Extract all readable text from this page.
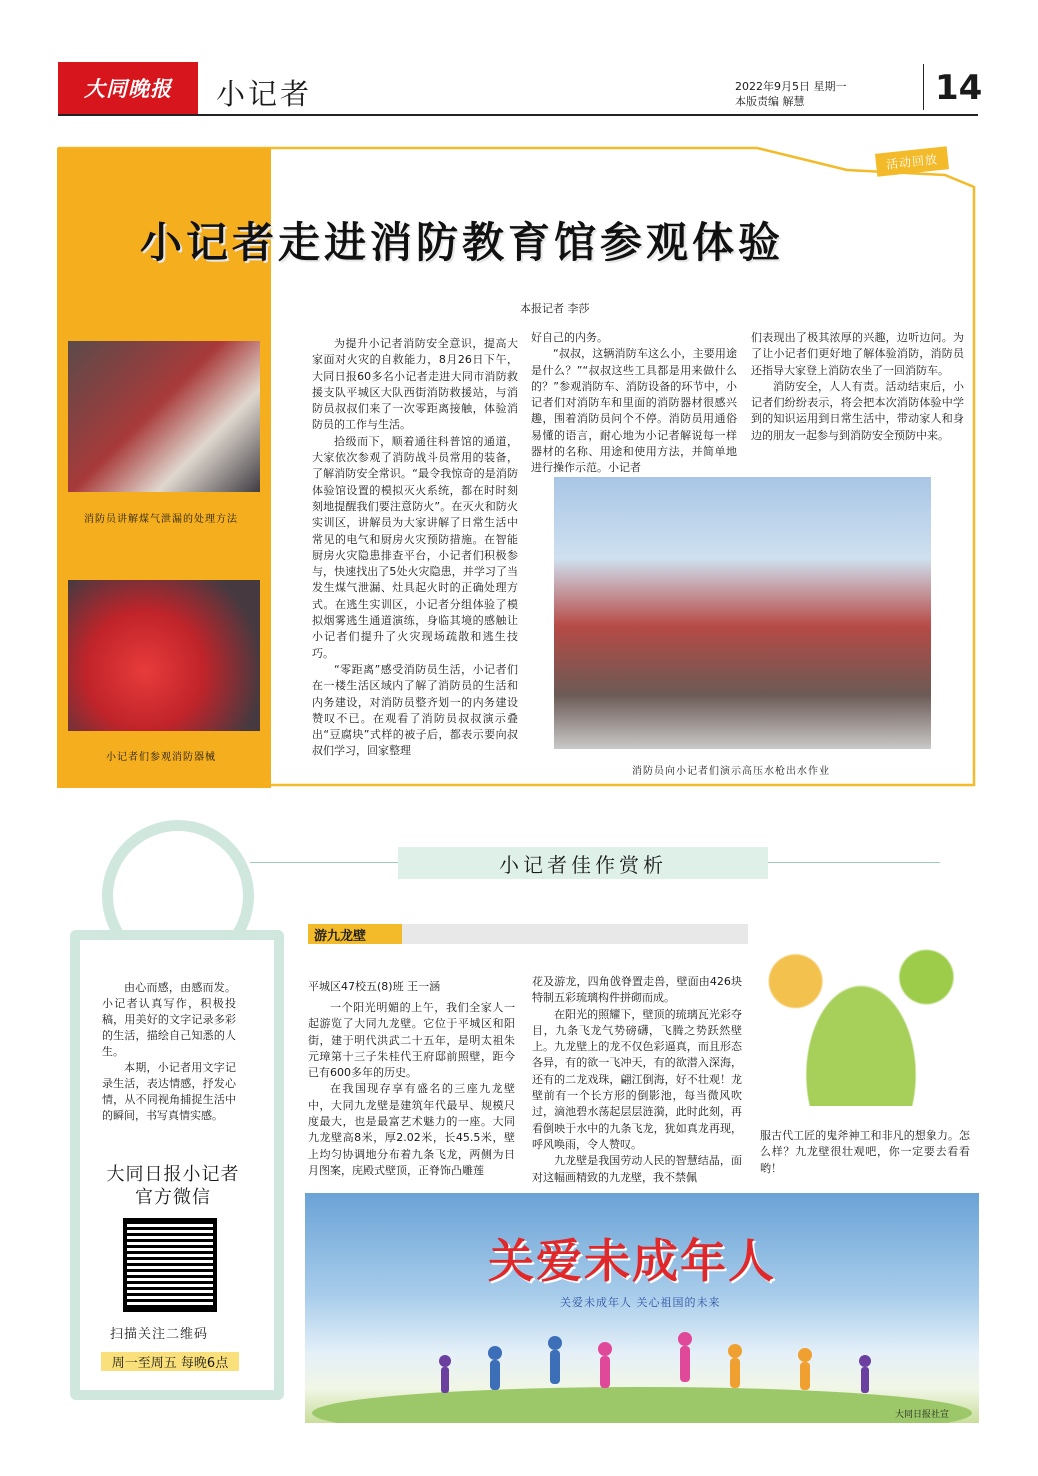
大同晚报	小记者	2022年9月5日 星期一
本版责编 解慧	14
活动回放
小记者走进消防教育馆参观体验
本报记者 李莎
消防员讲解煤气泄漏的处理方法
小记者们参观消防器械

为提升小记者消防安全意识，提高大家面对火灾的自救能力，8月26日下午，大同日报60多名小记者走进大同市消防救援支队平城区大队西街消防救援站，与消防员叔叔们来了一次零距离接触，体验消防员的工作与生活。

拾级而下，顺着通往科普馆的通道，大家依次参观了消防战斗员常用的装备，了解消防安全常识。“最令我惊奇的是消防体验馆设置的模拟灭火系统，都在时时刻刻地提醒我们要注意防火”。在灭火和防火实训区，讲解员为大家讲解了日常生活中常见的电气和厨房火灾预防措施。在智能厨房火灾隐患排查平台，小记者们积极参与，快速找出了5处火灾隐患，并学习了当发生煤气泄漏、灶具起火时的正确处理方式。在逃生实训区，小记者分组体验了模拟烟雾逃生通道演练，身临其境的感触让小记者们提升了火灾现场疏散和逃生技巧。

“零距离”感受消防员生活，小记者们在一楼生活区域内了解了消防员的生活和内务建设，对消防员整齐划一的内务建设赞叹不已。在观看了消防员叔叔演示叠出“豆腐块”式样的被子后，都表示要向叔叔们学习，回家整理

好自己的内务。

“叔叔，这辆消防车这么小，主要用途是什么？”“叔叔这些工具都是用来做什么的？”参观消防车、消防设备的环节中，小记者们对消防车和里面的消防器材很感兴趣，围着消防员问个不停。消防员用通俗易懂的语言，耐心地为小记者解说每一样器材的名称、用途和使用方法，并简单地进行操作示范。小记者

们表现出了极其浓厚的兴趣，边听边问。为了让小记者们更好地了解体验消防，消防员还指导大家登上消防农坐了一回消防车。

消防安全，人人有责。活动结束后，小记者们纷纷表示，将会把本次消防体验中学到的知识运用到日常生活中，带动家人和身边的朋友一起参与到消防安全预防中来。

消防员向小记者们演示高压水枪出水作业
小记者佳作赏析

由心而感，由感而发。小记者认真写作，积极投稿，用美好的文字记录多彩的生活，描绘自己知悉的人生。

本期，小记者用文字记录生活，表达情感，抒发心情，从不同视角捕捉生活中的瞬间，书写真情实感。

大同日报小记者
官方微信
扫描关注二维码
周一至周五 每晚6点
游九龙壁
平城区47校五(8)班 王一涵

一个阳光明媚的上午，我们全家人一起游览了大同九龙壁。它位于平城区和阳街，建于明代洪武二十五年，是明太祖朱元璋第十三子朱桂代王府邸前照壁，距今已有600多年的历史。

在我国现存享有盛名的三座九龙壁中，大同九龙壁是建筑年代最早、规模尺度最大，也是最富艺术魅力的一座。大同九龙壁高8米，厚2.02米，长45.5米，壁上均匀协调地分布着九条飞龙，两侧为日月图案，庑殿式壁顶，正脊饰凸雕莲

花及游龙，四角戗脊置走兽，壁面由426块特制五彩琉璃构件拼砌而成。

在阳光的照耀下，壁顶的琉璃瓦光彩夺目，九条飞龙气势磅礴，飞腾之势跃然壁上。九龙壁上的龙不仅色彩逼真，而且形态各异，有的欲一飞冲天，有的欲潜入深海，还有的二龙戏珠，翩江倒海，好不壮观！龙壁前有一个长方形的倒影池，每当微风吹过，滴池碧水荡起层层涟漪，此时此刻，再看倒映于水中的九条飞龙，犹如真龙再现，呼风唤雨，令人赞叹。

九龙壁是我国劳动人民的智慧结晶，面对这幅画精致的九龙壁，我不禁佩

服古代工匠的鬼斧神工和非凡的想象力。怎么样？九龙壁很壮观吧，你一定要去看看哟！

关爱未成年人
关爱未成年人 关心祖国的未来
大同日报社宣
